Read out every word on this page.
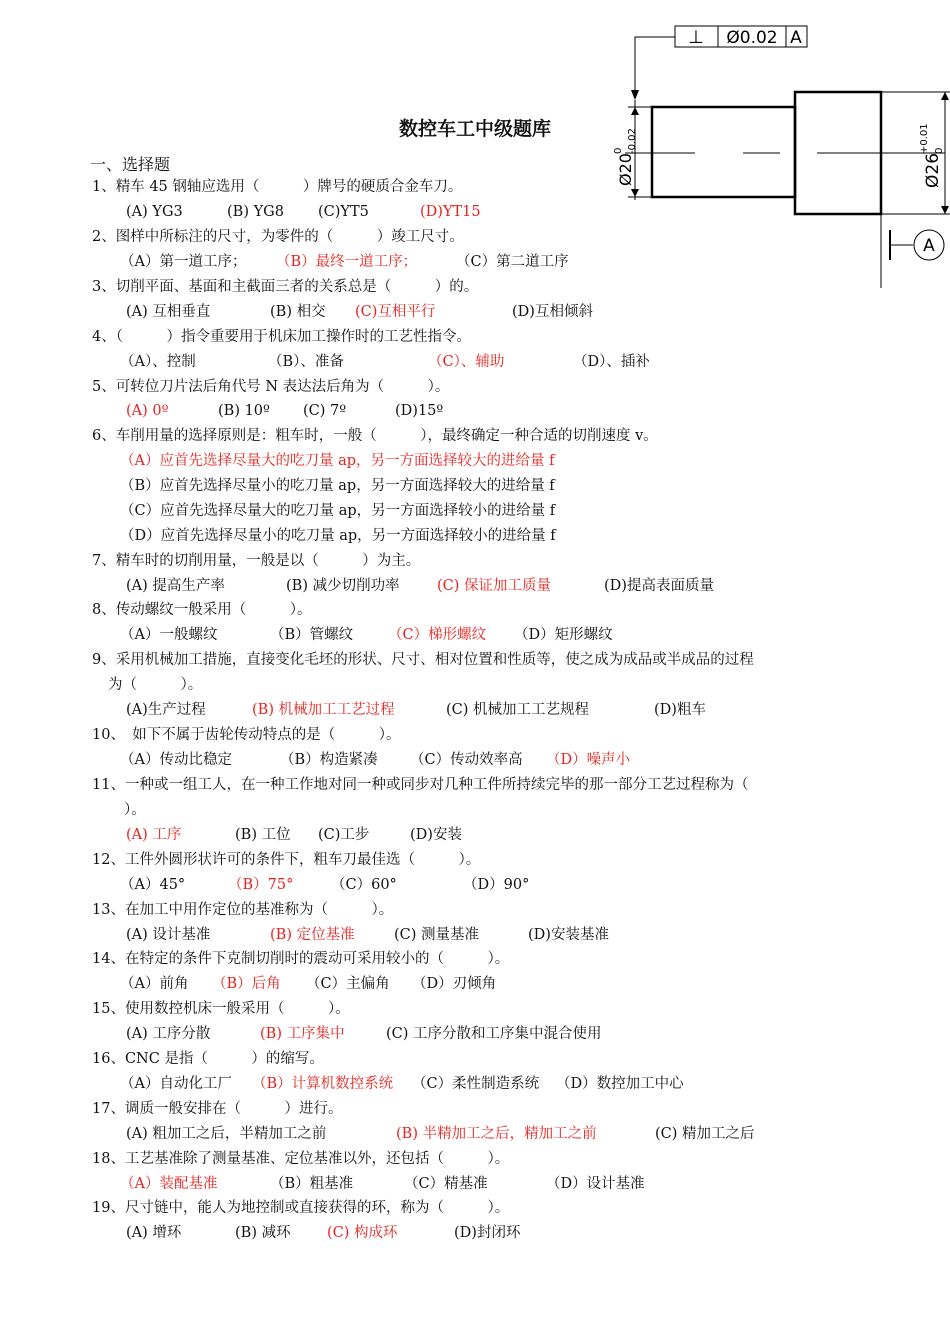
⊥ Ø0.02 A
Ø20
0 -0.02
Ø26
+0.01 0
A
数控车工中级题库
一、选择题
1、精车 45 钢轴应选用（　　　）牌号的硬质合金车刀。
(A) YG3	(B) YG8 (C)YT5	(D)YT15
2、图样中所标注的尺寸，为零件的（　　　）竣工尺寸。
（A）第一道工序； （B）最终一道工序；	（C）第二道工序
3、切削平面、基面和主截面三者的关系总是（　　　）的。
(A) 互相垂直	(B) 相交 (C)互相平行	(D)互相倾斜
4、（　　　）指令重要用于机床加工操作时的工艺性指令。
（A）、控制	（B）、准备	（C）、辅助	（D）、插补
5、可转位刀片法后角代号 N 表达法后角为（　　　）。
(A) 0º	(B) 10º (C) 7º	(D)15º
6、车削用量的选择原则是：粗车时，一般（　　　），最终确定一种合适的切削速度 v。
（A）应首先选择尽量大的吃刀量 ap，另一方面选择较大的进给量 f
（B）应首先选择尽量小的吃刀量 ap，另一方面选择较大的进给量 f
（C）应首先选择尽量大的吃刀量 ap，另一方面选择较小的进给量 f
（D）应首先选择尽量小的吃刀量 ap，另一方面选择较小的进给量 f
7、精车时的切削用量，一般是以（　　　）为主。
(A) 提高生产率	(B) 减少切削功率	(C) 保证加工质量	(D)提高表面质量
8、传动螺纹一般采用（　　　）。
（A）一般螺纹	（B）管螺纹 （C）梯形螺纹 （D）矩形螺纹
9、采用机械加工措施，直接变化毛坯的形状、尺寸、相对位置和性质等，使之成为成品或半成品的过程
为（　　　）。
(A)生产过程	(B) 机械加工工艺过程	(C) 机械加工工艺规程	(D)粗车
10、　如下不属于齿轮传动特点的是（　　　）。
（A）传动比稳定	（B）构造紧凑 （C）传动效率高 （D）噪声小
11、一种或一组工人，在一种工作地对同一种或同步对几种工件所持续完毕的那一部分工艺过程称为（
）。
(A) 工序	(B) 工位 (C)工步	(D)安装
12、工件外圆形状许可的条件下，粗车刀最佳选（　　　）。
（A）45°	（B）75°	（C）60°	（D）90°
13、在加工中用作定位的基准称为（　　　）。
(A) 设计基准	(B) 定位基准	(C) 测量基准	(D)安装基准
14、在特定的条件下克制切削时的震动可采用较小的（　　　）。
（A）前角 （B）后角 （C）主偏角 （D）刃倾角
15、使用数控机床一般采用（　　　）。
(A) 工序分散	(B) 工序集中	(C) 工序分散和工序集中混合使用
16、CNC 是指（　　　）的缩写。
（A）自动化工厂 （B）计算机数控系统 （C）柔性制造系统 （D）数控加工中心
17、调质一般安排在（　　　）进行。
(A) 粗加工之后，半精加工之前	(B) 半精加工之后，精加工之前	(C) 精加工之后
18、工艺基准除了测量基准、定位基准以外，还包括（　　　）。
（A）装配基准	（B）粗基准	（C）精基准	（D）设计基准
19、尺寸链中，能人为地控制或直接获得的环，称为（　　　）。
(A) 增环	(B) 减环	(C) 构成环	(D)封闭环
